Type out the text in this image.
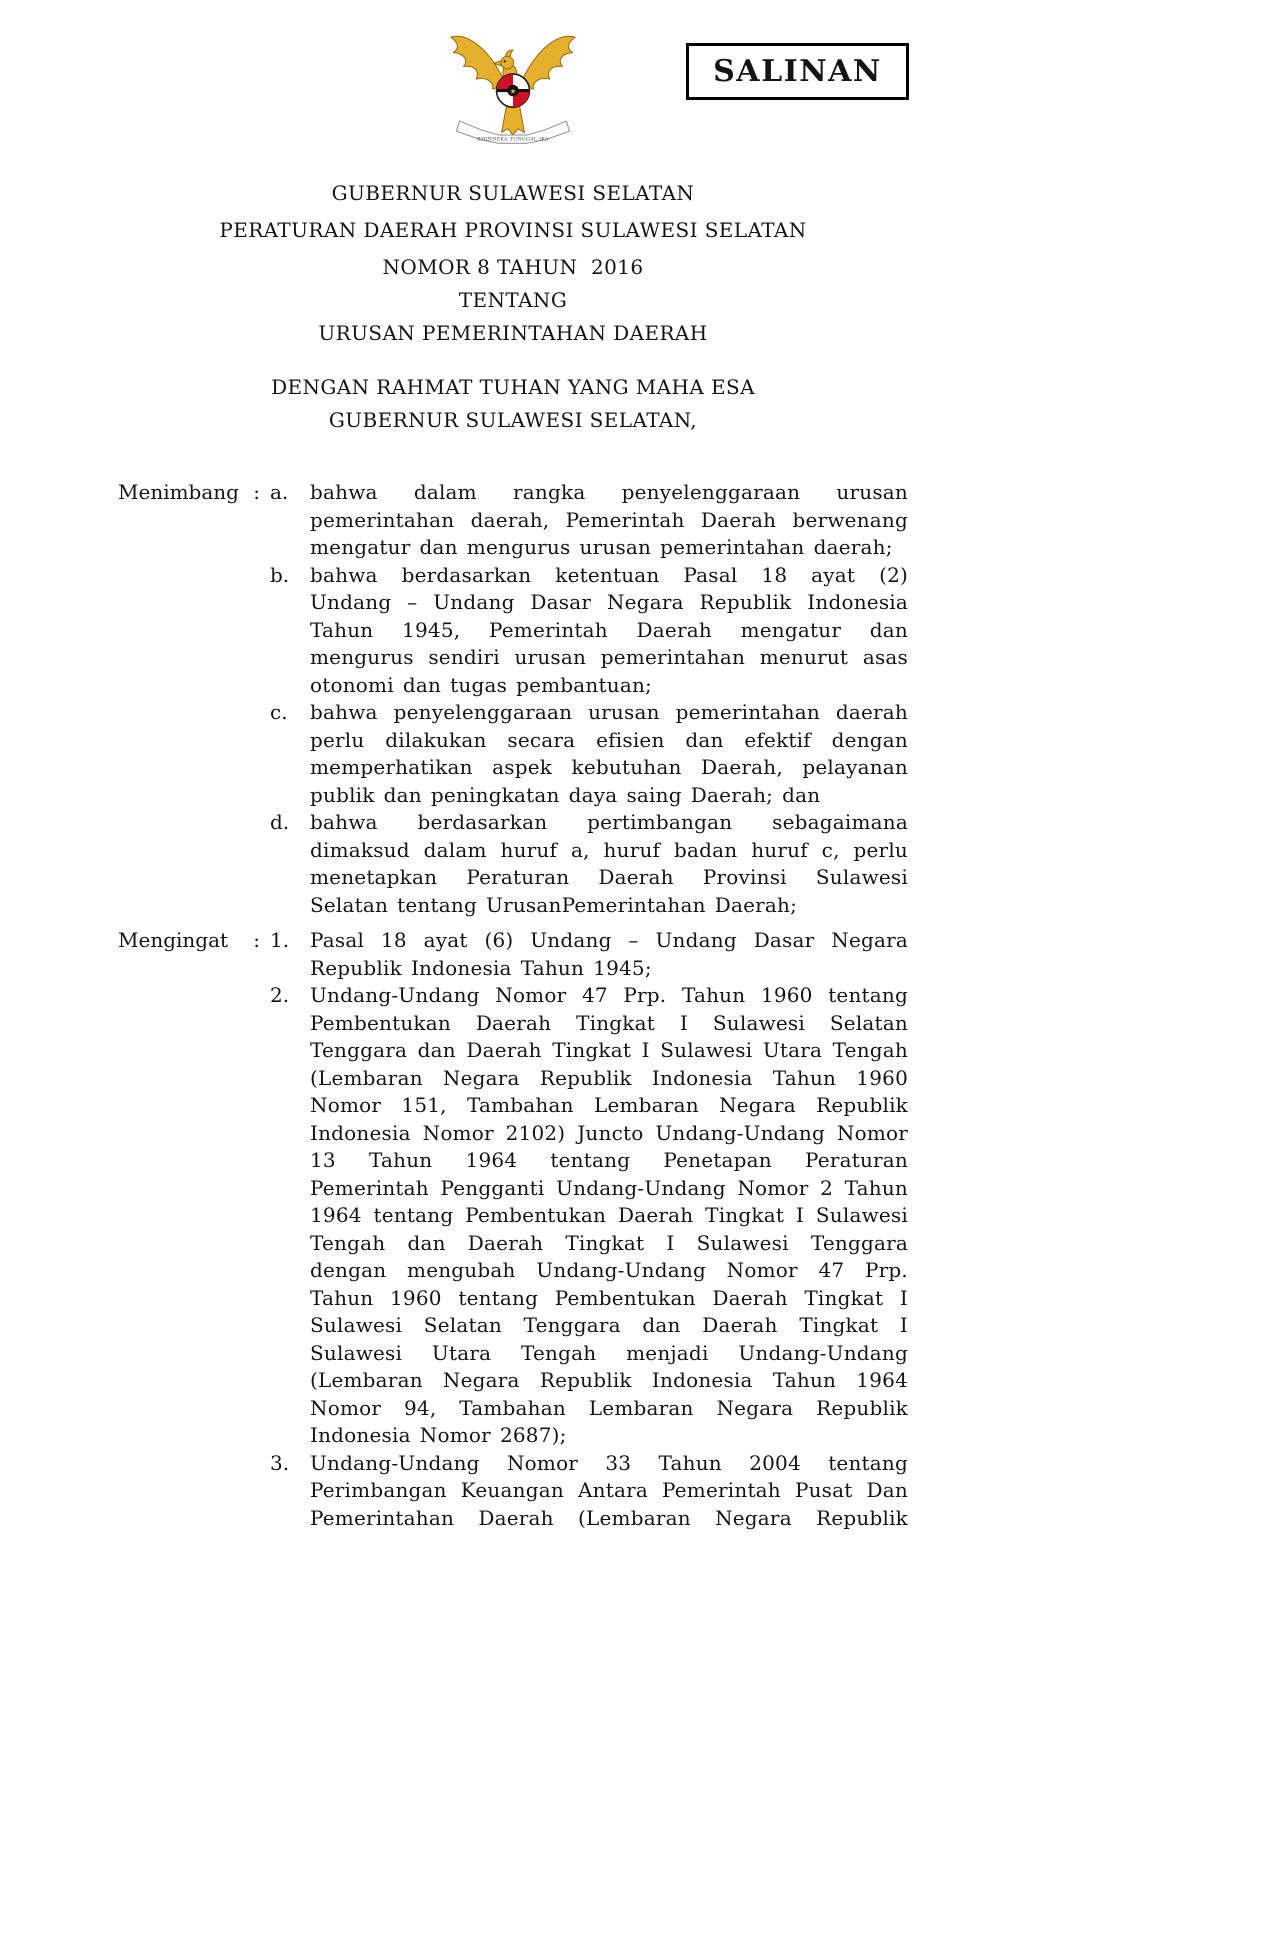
SALINAN
★
BHINNEKA TUNGGAL IKA
GUBERNUR SULAWESI SELATAN
PERATURAN DAERAH PROVINSI SULAWESI SELATAN
NOMOR 8 TAHUN  2016
TENTANG
URUSAN PEMERINTAHAN DAERAH
DENGAN RAHMAT TUHAN YANG MAHA ESA
GUBERNUR SULAWESI SELATAN,
Menimbang : a.	bahwa dalam rangka penyelenggaraan urusan pemerintahan daerah, Pemerintah Daerah berwenang mengatur dan mengurus urusan pemerintahan daerah;
b.	bahwa berdasarkan ketentuan Pasal 18 ayat (2) Undang – Undang Dasar Negara Republik Indonesia Tahun 1945, Pemerintah Daerah mengatur dan mengurus sendiri urusan pemerintahan menurut asas otonomi dan tugas pembantuan;
c.	bahwa penyelenggaraan urusan pemerintahan daerah perlu dilakukan secara efisien dan efektif dengan memperhatikan aspek kebutuhan Daerah, pelayanan publik dan peningkatan daya saing Daerah; dan
d.	bahwa berdasarkan pertimbangan sebagaimana dimaksud dalam huruf a, huruf badan huruf c, perlu menetapkan Peraturan Daerah Provinsi Sulawesi Selatan tentang UrusanPemerintahan Daerah;
Mengingat : 1.	Pasal 18 ayat (6) Undang – Undang Dasar Negara Republik Indonesia Tahun 1945;
2.	Undang-Undang Nomor 47 Prp. Tahun 1960 tentang Pembentukan Daerah Tingkat I Sulawesi Selatan Tenggara dan Daerah Tingkat I Sulawesi Utara Tengah (Lembaran Negara Republik Indonesia Tahun 1960 Nomor 151, Tambahan Lembaran Negara Republik Indonesia Nomor 2102) Juncto Undang-Undang Nomor 13 Tahun 1964 tentang Penetapan Peraturan Pemerintah Pengganti Undang-Undang Nomor 2 Tahun 1964 tentang Pembentukan Daerah Tingkat I Sulawesi Tengah dan Daerah Tingkat I Sulawesi Tenggara dengan mengubah Undang-Undang Nomor 47 Prp. Tahun 1960 tentang Pembentukan Daerah Tingkat I Sulawesi Selatan Tenggara dan Daerah Tingkat I Sulawesi Utara Tengah menjadi Undang-Undang (Lembaran Negara Republik Indonesia Tahun 1964 Nomor 94, Tambahan Lembaran Negara Republik Indonesia Nomor 2687);
3.	Undang-Undang Nomor 33 Tahun 2004 tentang Perimbangan Keuangan Antara Pemerintah Pusat Dan Pemerintahan Daerah (Lembaran Negara Republik
